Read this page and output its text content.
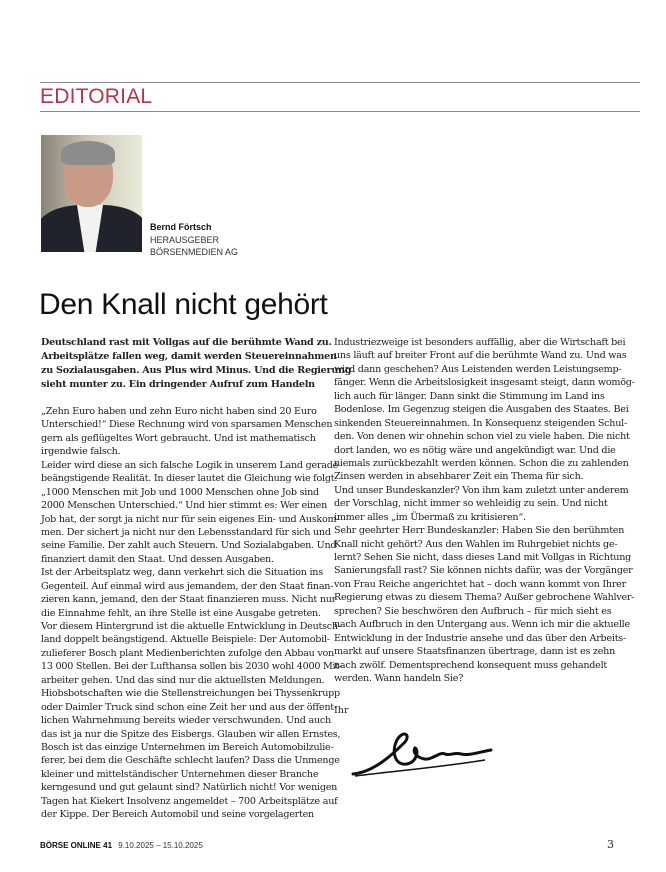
EDITORIAL
Bernd Förtsch
HERAUSGEBER
BÖRSENMEDIEN AG
Den Knall nicht gehört
Deutschland rast mit Vollgas auf die berühmte Wand zu.
Arbeitsplätze fallen weg, damit werden Steuereinnahmen
zu Sozialausgaben. Aus Plus wird Minus. Und die Regierung
sieht munter zu. Ein dringender Aufruf zum Handeln
„Zehn Euro haben und zehn Euro nicht haben sind 20 Euro
Unterschied!“ Diese Rechnung wird von sparsamen Menschen
gern als geflügeltes Wort gebraucht. Und ist mathematisch
irgendwie falsch.
Leider wird diese an sich falsche Logik in unserem Land gerade
beängstigende Realität. In dieser lautet die Gleichung wie folgt:
„1000 Menschen mit Job und 1000 Menschen ohne Job sind
2000 Menschen Unterschied.“ Und hier stimmt es: Wer einen
Job hat, der sorgt ja nicht nur für sein eigenes Ein- und Auskom-
men. Der sichert ja nicht nur den Lebensstandard für sich und
seine Familie. Der zahlt auch Steuern. Und Sozialabgaben. Und
finanziert damit den Staat. Und dessen Ausgaben.
Ist der Arbeitsplatz weg, dann verkehrt sich die Situation ins
Gegenteil. Auf einmal wird aus jemandem, der den Staat finan-
zieren kann, jemand, den der Staat finanzieren muss. Nicht nur
die Einnahme fehlt, an ihre Stelle ist eine Ausgabe getreten.
Vor diesem Hintergrund ist die aktuelle Entwicklung in Deutsch-
land doppelt beängstigend. Aktuelle Beispiele: Der Automobil-
zulieferer Bosch plant Medienberichten zufolge den Abbau von
13 000 Stellen. Bei der Lufthansa sollen bis 2030 wohl 4000 Mit-
arbeiter gehen. Und das sind nur die aktuellsten Meldungen.
Hiobsbotschaften wie die Stellenstreichungen bei Thyssenkrupp
oder Daimler Truck sind schon eine Zeit her und aus der öffent-
lichen Wahrnehmung bereits wieder verschwunden. Und auch
das ist ja nur die Spitze des Eisbergs. Glauben wir allen Ernstes,
Bosch ist das einzige Unternehmen im Bereich Automobilzulie-
ferer, bei dem die Geschäfte schlecht laufen? Dass die Unmenge
kleiner und mittelständischer Unternehmen dieser Branche
kerngesund und gut gelaunt sind? Natürlich nicht! Vor wenigen
Tagen hat Kiekert Insolvenz angemeldet – 700 Arbeitsplätze auf
der Kippe. Der Bereich Automobil und seine vorgelagerten
Industriezweige ist besonders auffällig, aber die Wirtschaft bei
uns läuft auf breiter Front auf die berühmte Wand zu. Und was
wird dann geschehen? Aus Leistenden werden Leistungsemp-
fänger. Wenn die Arbeitslosigkeit insgesamt steigt, dann womög-
lich auch für länger. Dann sinkt die Stimmung im Land ins
Bodenlose. Im Gegenzug steigen die Ausgaben des Staates. Bei
sinkenden Steuereinnahmen. In Konsequenz steigenden Schul-
den. Von denen wir ohnehin schon viel zu viele haben. Die nicht
dort landen, wo es nötig wäre und angekündigt war. Und die
niemals zurückbezahlt werden können. Schon die zu zahlenden
Zinsen werden in absehbarer Zeit ein Thema für sich.
Und unser Bundeskanzler? Von ihm kam zuletzt unter anderem
der Vorschlag, nicht immer so wehleidig zu sein. Und nicht
immer alles „im Übermaß zu kritisieren“.
Sehr geehrter Herr Bundeskanzler: Haben Sie den berühmten
Knall nicht gehört? Aus den Wahlen im Ruhrgebiet nichts ge-
lernt? Sehen Sie nicht, dass dieses Land mit Vollgas in Richtung
Sanierungsfall rast? Sie können nichts dafür, was der Vorgänger
von Frau Reiche angerichtet hat – doch wann kommt von Ihrer
Regierung etwas zu diesem Thema? Außer gebrochene Wahlver-
sprechen? Sie beschwören den Aufbruch – für mich sieht es
nach Aufbruch in den Untergang aus. Wenn ich mir die aktuelle
Entwicklung in der Industrie ansehe und das über den Arbeits-
markt auf unsere Staatsfinanzen übertrage, dann ist es zehn
nach zwölf. Dementsprechend konsequent muss gehandelt
werden. Wann handeln Sie?
Ihr
BÖRSE ONLINE 41 9.10.2025 – 15.10.2025	3
